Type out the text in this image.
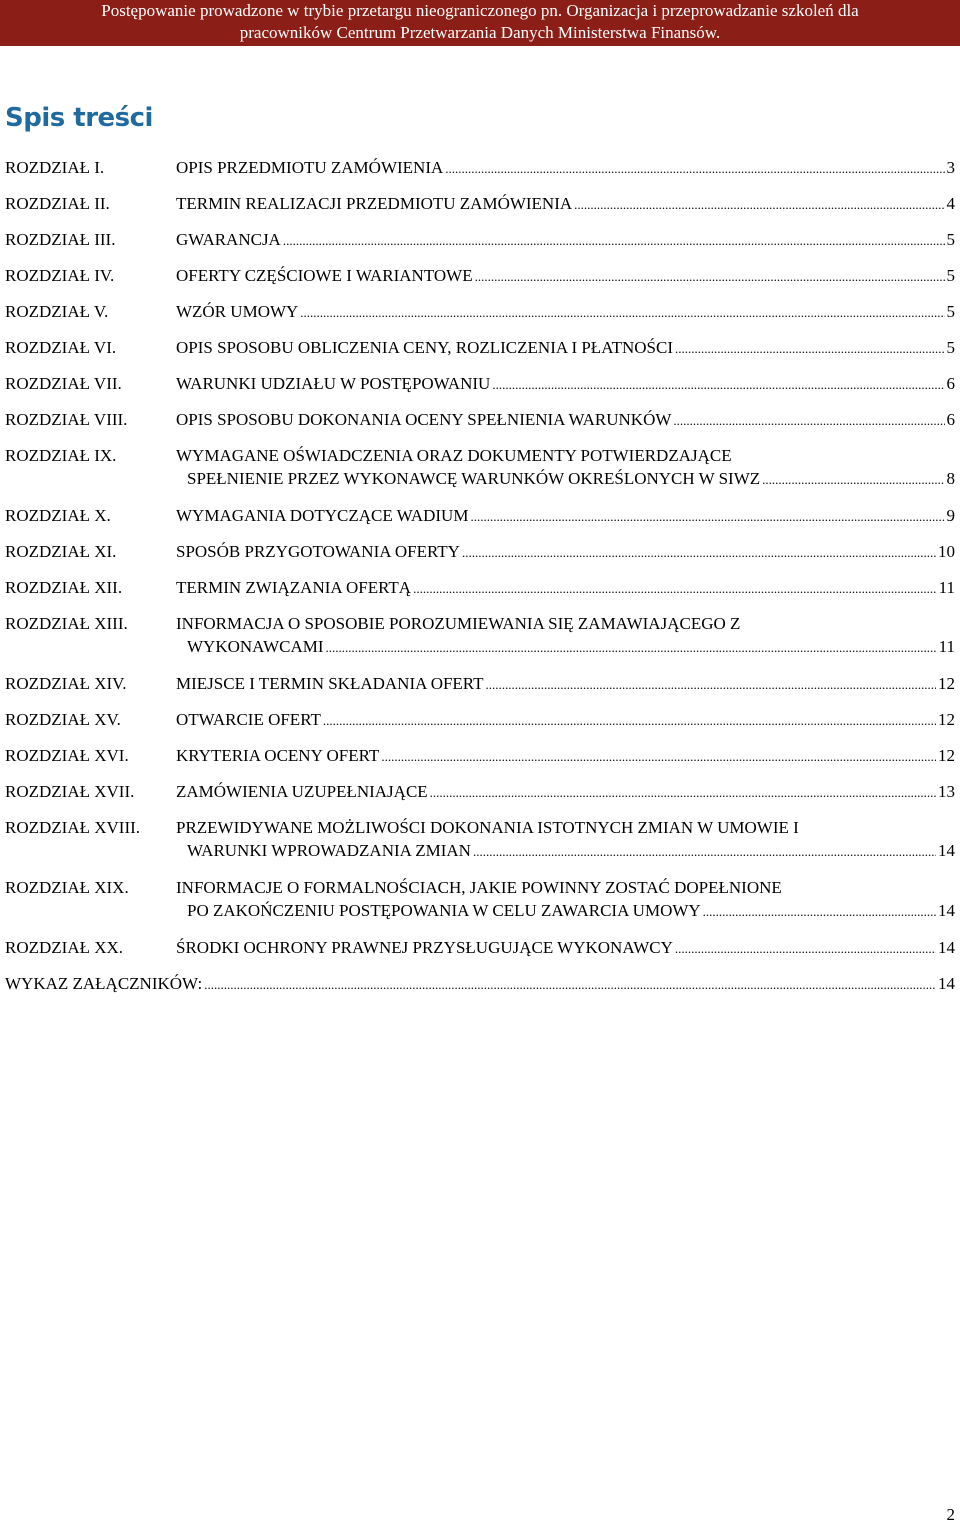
Postępowanie prowadzone w trybie przetargu nieograniczonego pn. Organizacja i przeprowadzanie szkoleń dla
pracowników Centrum Przetwarzania Danych Ministerstwa Finansów.
Spis treści
ROZDZIAŁ I.	OPIS PRZEDMIOTU ZAMÓWIENIA .....	3
ROZDZIAŁ II.	TERMIN REALIZACJI PRZEDMIOTU ZAMÓWIENIA .....	4
ROZDZIAŁ III.	GWARANCJA .....	5
ROZDZIAŁ IV.	OFERTY CZĘŚCIOWE I WARIANTOWE .....	5
ROZDZIAŁ V.	WZÓR UMOWY .....	5
ROZDZIAŁ VI.	OPIS SPOSOBU OBLICZENIA CENY, ROZLICZENIA I PŁATNOŚCI .....	5
ROZDZIAŁ VII.	WARUNKI UDZIAŁU W POSTĘPOWANIU .....	6
ROZDZIAŁ VIII.	OPIS SPOSOBU DOKONANIA OCENY SPEŁNIENIA WARUNKÓW .....	6
ROZDZIAŁ IX.	WYMAGANE OŚWIADCZENIA ORAZ DOKUMENTY POTWIERDZAJĄCE
SPEŁNIENIE PRZEZ WYKONAWCĘ WARUNKÓW OKREŚLONYCH W SIWZ .....	8
ROZDZIAŁ X.	WYMAGANIA DOTYCZĄCE WADIUM .....	9
ROZDZIAŁ XI.	SPOSÓB PRZYGOTOWANIA OFERTY .....	10
ROZDZIAŁ XII.	TERMIN ZWIĄZANIA OFERTĄ .....	11
ROZDZIAŁ XIII.	INFORMACJA O SPOSOBIE POROZUMIEWANIA SIĘ ZAMAWIAJĄCEGO Z
WYKONAWCAMI .....	11
ROZDZIAŁ XIV.	MIEJSCE I TERMIN SKŁADANIA OFERT .....	12
ROZDZIAŁ XV.	OTWARCIE OFERT .....	12
ROZDZIAŁ XVI.	KRYTERIA OCENY OFERT .....	12
ROZDZIAŁ XVII. ZAMÓWIENIA UZUPEŁNIAJĄCE .....	13
ROZDZIAŁ XVIII. PRZEWIDYWANE MOŻLIWOŚCI DOKONANIA ISTOTNYCH ZMIAN W UMOWIE I
WARUNKI WPROWADZANIA ZMIAN .....	14
ROZDZIAŁ XIX.	INFORMACJE O FORMALNOŚCIACH, JAKIE POWINNY ZOSTAĆ DOPEŁNIONE
PO ZAKOŃCZENIU POSTĘPOWANIA W CELU ZAWARCIA UMOWY .....	14
ROZDZIAŁ XX.	ŚRODKI OCHRONY PRAWNEJ PRZYSŁUGUJĄCE WYKONAWCY .....	14
WYKAZ ZAŁĄCZNIKÓW: .....	14
2
